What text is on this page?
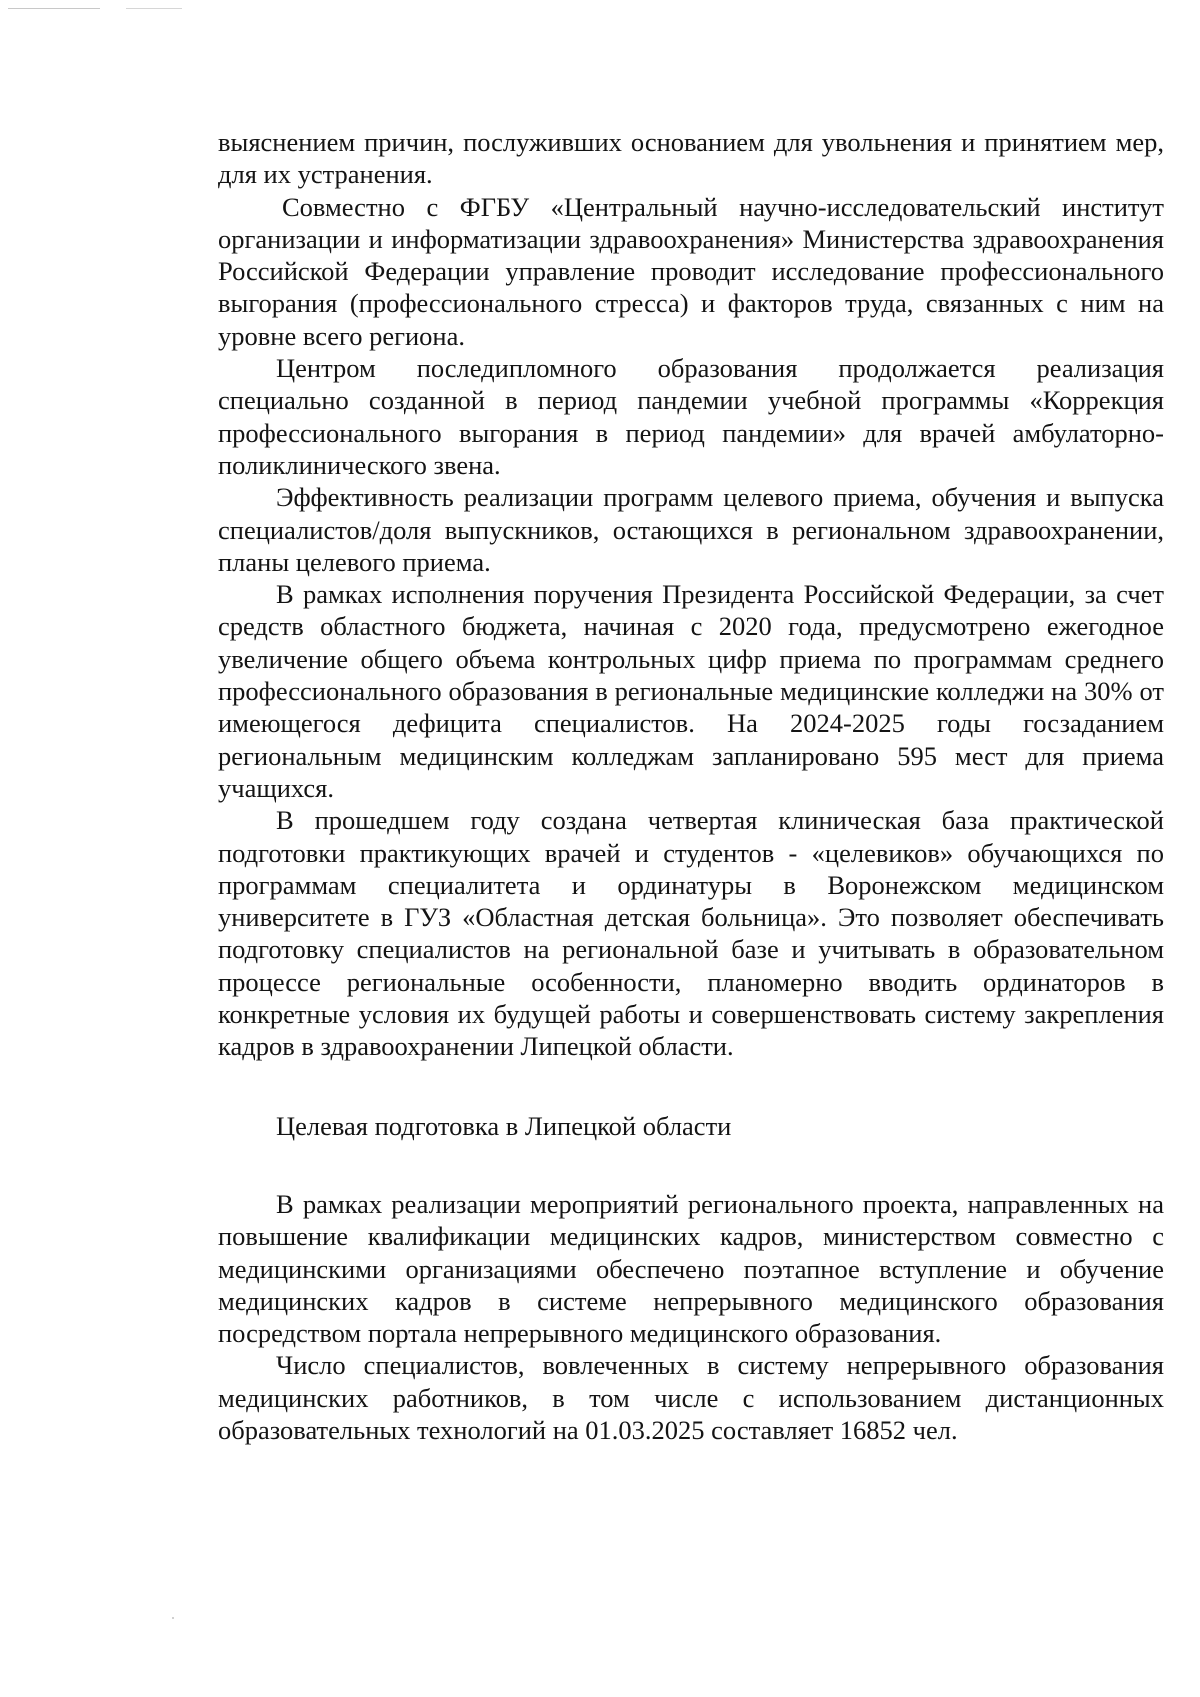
выяснением причин, послуживших основанием для увольнения и принятием мер, для их устранения.

Совместно с ФГБУ «Центральный научно-исследовательский институт организации и информатизации здравоохранения» Министерства здравоохранения Российской Федерации управление проводит исследование профессионального выгорания (профессионального стресса) и факторов труда, связанных с ним на уровне всего региона.

Центром последипломного образования продолжается реализация специально созданной в период пандемии учебной программы «Коррекция профессионального выгорания в период пандемии» для врачей амбулаторно-поликлинического звена.

Эффективность реализации программ целевого приема, обучения и выпуска специалистов/доля выпускников, остающихся в региональном здравоохранении, планы целевого приема.

В рамках исполнения поручения Президента Российской Федерации, за счет средств областного бюджета, начиная с 2020 года, предусмотрено ежегодное увеличение общего объема контрольных цифр приема по программам среднего профессионального образования в региональные медицинские колледжи на 30% от имеющегося дефицита специалистов. На 2024-2025 годы госзаданием региональным медицинским колледжам запланировано 595 мест для приема учащихся.

В прошедшем году создана четвертая клиническая база практической подготовки практикующих врачей и студентов - «целевиков» обучающихся по программам специалитета и ординатуры в Воронежском медицинском университете в ГУЗ «Областная детская больница». Это позволяет обеспечивать подготовку специалистов на региональной базе и учитывать в образовательном процессе региональные особенности, планомерно вводить ординаторов в конкретные условия их будущей работы и совершенствовать систему закрепления кадров в здравоохранении Липецкой области.

Целевая подготовка в Липецкой области

В рамках реализации мероприятий регионального проекта, направленных на повышение квалификации медицинских кадров, министерством совместно с медицинскими организациями обеспечено поэтапное вступление и обучение медицинских кадров в системе непрерывного медицинского образования посредством портала непрерывного медицинского образования.

Число специалистов, вовлеченных в систему непрерывного образования медицинских работников, в том числе с использованием дистанционных образовательных технологий на 01.03.2025 составляет 16852 чел.
